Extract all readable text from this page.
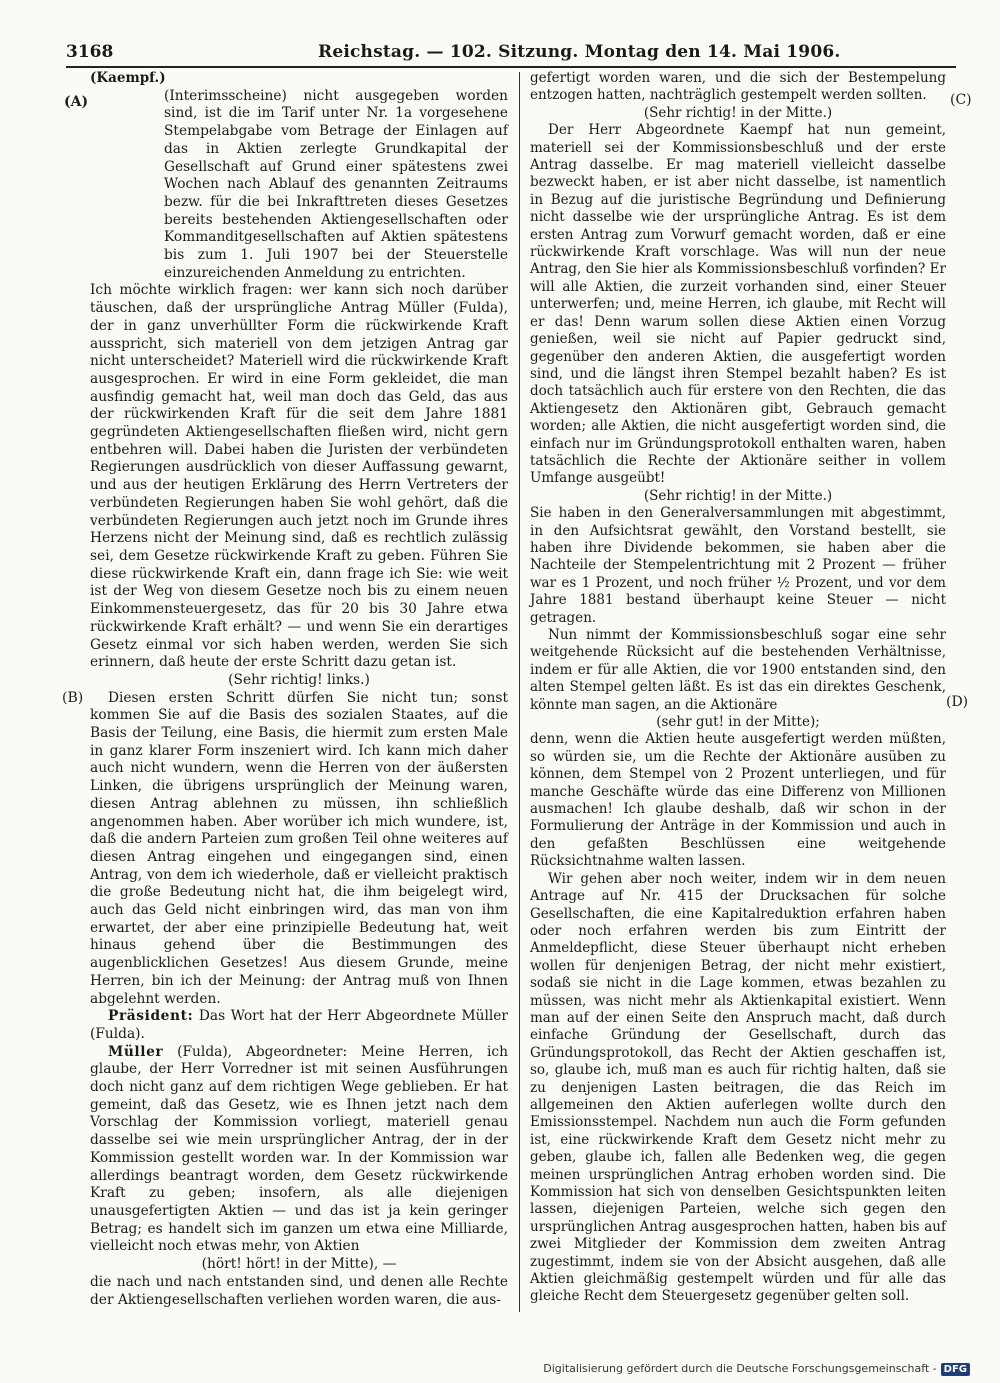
3168	Reichstag. — 102. Sitzung. Montag den 14. Mai 1906.
(A)
(B)
(C)
(D)

(Kaempf.)

(Interimsscheine) nicht ausgegeben worden sind, ist die im Tarif unter Nr. 1a vorgesehene Stempelabgabe vom Betrage der Einlagen auf das in Aktien zerlegte Grundkapital der Gesellschaft auf Grund einer spätestens zwei Wochen nach Ablauf des genannten Zeitraums bezw. für die bei Inkrafttreten dieses Gesetzes bereits bestehenden Aktiengesellschaften oder Kommanditgesellschaften auf Aktien spätestens bis zum 1. Juli 1907 bei der Steuerstelle einzureichenden Anmeldung zu entrichten.

Ich möchte wirklich fragen: wer kann sich noch darüber täuschen, daß der ursprüngliche Antrag Müller (Fulda), der in ganz unverhüllter Form die rückwirkende Kraft ausspricht, sich materiell von dem jetzigen Antrag gar nicht unterscheidet? Materiell wird die rückwirkende Kraft ausgesprochen. Er wird in eine Form gekleidet, die man ausfindig gemacht hat, weil man doch das Geld, das aus der rückwirkenden Kraft für die seit dem Jahre 1881 gegründeten Aktiengesellschaften fließen wird, nicht gern entbehren will. Dabei haben die Juristen der verbündeten Regierungen ausdrücklich von dieser Auffassung gewarnt, und aus der heutigen Erklärung des Herrn Vertreters der verbündeten Regierungen haben Sie wohl gehört, daß die verbündeten Regierungen auch jetzt noch im Grunde ihres Herzens nicht der Meinung sind, daß es rechtlich zulässig sei, dem Gesetze rückwirkende Kraft zu geben. Führen Sie diese rückwirkende Kraft ein, dann frage ich Sie: wie weit ist der Weg von diesem Gesetze noch bis zu einem neuen Einkommensteuergesetz, das für 20 bis 30 Jahre etwa rückwirkende Kraft erhält? — und wenn Sie ein derartiges Gesetz einmal vor sich haben werden, werden Sie sich erinnern, daß heute der erste Schritt dazu getan ist.

(Sehr richtig! links.)

Diesen ersten Schritt dürfen Sie nicht tun; sonst kommen Sie auf die Basis des sozialen Staates, auf die Basis der Teilung, eine Basis, die hiermit zum ersten Male in ganz klarer Form inszeniert wird. Ich kann mich daher auch nicht wundern, wenn die Herren von der äußersten Linken, die übrigens ursprünglich der Meinung waren, diesen Antrag ablehnen zu müssen, ihn schließlich angenommen haben. Aber worüber ich mich wundere, ist, daß die andern Parteien zum großen Teil ohne weiteres auf diesen Antrag eingehen und eingegangen sind, einen Antrag, von dem ich wiederhole, daß er vielleicht praktisch die große Bedeutung nicht hat, die ihm beigelegt wird, auch das Geld nicht einbringen wird, das man von ihm erwartet, der aber eine prinzipielle Bedeutung hat, weit hinaus gehend über die Bestimmungen des augenblicklichen Gesetzes! Aus diesem Grunde, meine Herren, bin ich der Meinung: der Antrag muß von Ihnen abgelehnt werden.

Präsident: Das Wort hat der Herr Abgeordnete Müller (Fulda).

Müller (Fulda), Abgeordneter: Meine Herren, ich glaube, der Herr Vorredner ist mit seinen Ausführungen doch nicht ganz auf dem richtigen Wege geblieben. Er hat gemeint, daß das Gesetz, wie es Ihnen jetzt nach dem Vorschlag der Kommission vorliegt, materiell genau dasselbe sei wie mein ursprünglicher Antrag, der in der Kommission gestellt worden war. In der Kommission war allerdings beantragt worden, dem Gesetz rückwirkende Kraft zu geben; insofern, als alle diejenigen unausgefertigten Aktien — und das ist ja kein geringer Betrag; es handelt sich im ganzen um etwa eine Milliarde, vielleicht noch etwas mehr, von Aktien

(hört! hört! in der Mitte), —

die nach und nach entstanden sind, und denen alle Rechte der Aktiengesellschaften verliehen worden waren, die aus-

gefertigt worden waren, und die sich der Bestempelung entzogen hatten, nachträglich gestempelt werden sollten.

(Sehr richtig! in der Mitte.)

Der Herr Abgeordnete Kaempf hat nun gemeint, materiell sei der Kommissionsbeschluß und der erste Antrag dasselbe. Er mag materiell vielleicht dasselbe bezweckt haben, er ist aber nicht dasselbe, ist namentlich in Bezug auf die juristische Begründung und Definierung nicht dasselbe wie der ursprüngliche Antrag. Es ist dem ersten Antrag zum Vorwurf gemacht worden, daß er eine rückwirkende Kraft vorschlage. Was will nun der neue Antrag, den Sie hier als Kommissionsbeschluß vorfinden? Er will alle Aktien, die zurzeit vorhanden sind, einer Steuer unterwerfen; und, meine Herren, ich glaube, mit Recht will er das! Denn warum sollen diese Aktien einen Vorzug genießen, weil sie nicht auf Papier gedruckt sind, gegenüber den anderen Aktien, die ausgefertigt worden sind, und die längst ihren Stempel bezahlt haben? Es ist doch tatsächlich auch für erstere von den Rechten, die das Aktiengesetz den Aktionären gibt, Gebrauch gemacht worden; alle Aktien, die nicht ausgefertigt worden sind, die einfach nur im Gründungsprotokoll enthalten waren, haben tatsächlich die Rechte der Aktionäre seither in vollem Umfange ausgeübt!

(Sehr richtig! in der Mitte.)

Sie haben in den Generalversammlungen mit abgestimmt, in den Aufsichtsrat gewählt, den Vorstand bestellt, sie haben ihre Dividende bekommen, sie haben aber die Nachteile der Stempelentrichtung mit 2 Prozent — früher war es 1 Prozent, und noch früher ½ Prozent, und vor dem Jahre 1881 bestand überhaupt keine Steuer — nicht getragen.

Nun nimmt der Kommissionsbeschluß sogar eine sehr weitgehende Rücksicht auf die bestehenden Verhältnisse, indem er für alle Aktien, die vor 1900 entstanden sind, den alten Stempel gelten läßt. Es ist das ein direktes Geschenk, könnte man sagen, an die Aktionäre

(sehr gut! in der Mitte);

denn, wenn die Aktien heute ausgefertigt werden müßten, so würden sie, um die Rechte der Aktionäre ausüben zu können, dem Stempel von 2 Prozent unterliegen, und für manche Geschäfte würde das eine Differenz von Millionen ausmachen! Ich glaube deshalb, daß wir schon in der Formulierung der Anträge in der Kommission und auch in den gefaßten Beschlüssen eine weitgehende Rücksichtnahme walten lassen.

Wir gehen aber noch weiter, indem wir in dem neuen Antrage auf Nr. 415 der Drucksachen für solche Gesellschaften, die eine Kapitalreduktion erfahren haben oder noch erfahren werden bis zum Eintritt der Anmeldepflicht, diese Steuer überhaupt nicht erheben wollen für denjenigen Betrag, der nicht mehr existiert, sodaß sie nicht in die Lage kommen, etwas bezahlen zu müssen, was nicht mehr als Aktienkapital existiert. Wenn man auf der einen Seite den Anspruch macht, daß durch einfache Gründung der Gesellschaft, durch das Gründungsprotokoll, das Recht der Aktien geschaffen ist, so, glaube ich, muß man es auch für richtig halten, daß sie zu denjenigen Lasten beitragen, die das Reich im allgemeinen den Aktien auferlegen wollte durch den Emissionsstempel. Nachdem nun auch die Form gefunden ist, eine rückwirkende Kraft dem Gesetz nicht mehr zu geben, glaube ich, fallen alle Bedenken weg, die gegen meinen ursprünglichen Antrag erhoben worden sind. Die Kommission hat sich von denselben Gesichtspunkten leiten lassen, diejenigen Parteien, welche sich gegen den ursprünglichen Antrag ausgesprochen hatten, haben bis auf zwei Mitglieder der Kommission dem zweiten Antrag zugestimmt, indem sie von der Absicht ausgehen, daß alle Aktien gleichmäßig gestempelt würden und für alle das gleiche Recht dem Steuergesetz gegenüber gelten soll.

Digitalisierung gefördert durch die Deutsche Forschungsgemeinschaft - DFG
